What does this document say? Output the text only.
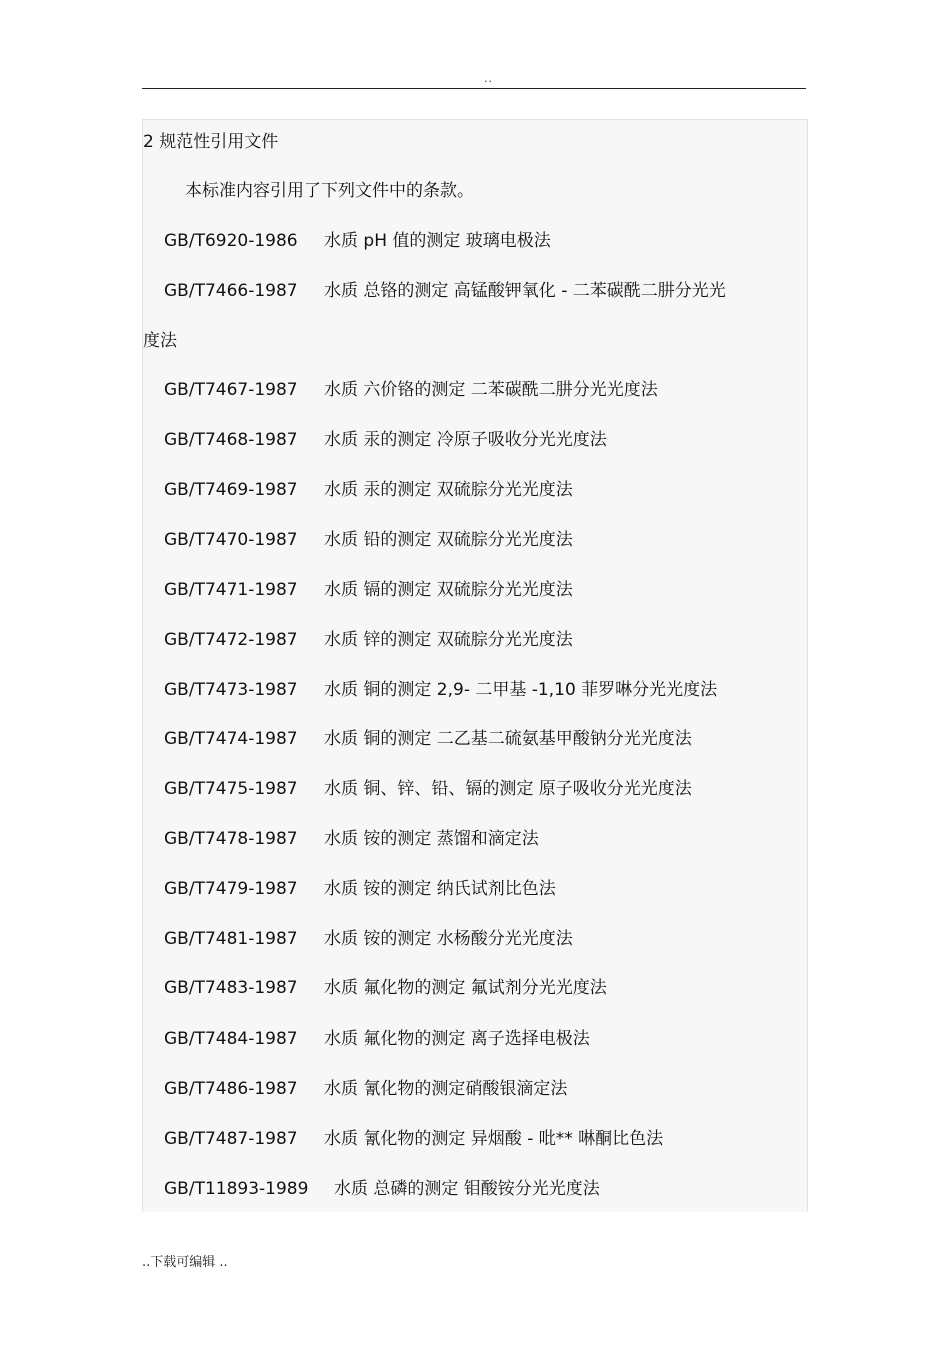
..
2 规范性引用文件
本标准内容引用了下列文件中的条款。
GB/T6920-1986 水质 pH 值的测定 玻璃电极法
GB/T7466-1987 水质 总铬的测定 高锰酸钾氧化 - 二苯碳酰二肼分光光
度法
GB/T7467-1987 水质 六价铬的测定 二苯碳酰二肼分光光度法
GB/T7468-1987 水质 汞的测定 冷原子吸收分光光度法
GB/T7469-1987 水质 汞的测定 双硫腙分光光度法
GB/T7470-1987 水质 铅的测定 双硫腙分光光度法
GB/T7471-1987 水质 镉的测定 双硫腙分光光度法
GB/T7472-1987 水质 锌的测定 双硫腙分光光度法
GB/T7473-1987 水质 铜的测定 2,9- 二甲基 -1,10 菲罗啉分光光度法
GB/T7474-1987 水质 铜的测定 二乙基二硫氨基甲酸钠分光光度法
GB/T7475-1987 水质 铜、锌、铅、镉的测定 原子吸收分光光度法
GB/T7478-1987 水质 铵的测定 蒸馏和滴定法
GB/T7479-1987 水质 铵的测定 纳氏试剂比色法
GB/T7481-1987 水质 铵的测定 水杨酸分光光度法
GB/T7483-1987 水质 氟化物的测定 氟试剂分光光度法
GB/T7484-1987 水质 氟化物的测定 离子选择电极法
GB/T7486-1987 水质 氰化物的测定硝酸银滴定法
GB/T7487-1987 水质 氰化物的测定 异烟酸 - 吡** 啉酮比色法
GB/T11893-1989 水质 总磷的测定 钼酸铵分光光度法
..下载可编辑 ..
